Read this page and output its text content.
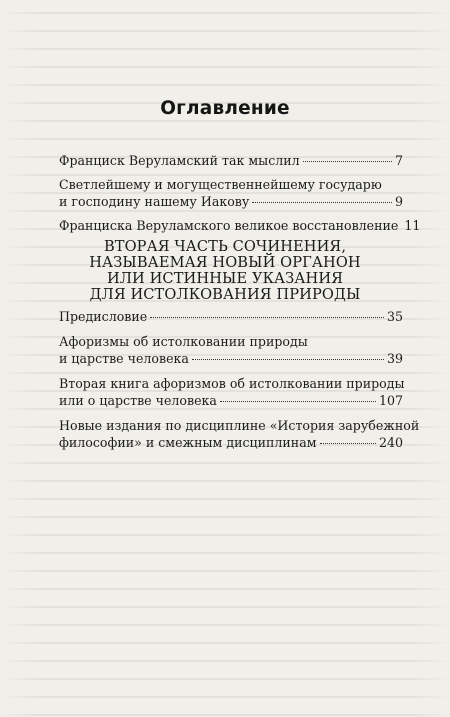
Оглавление
Франциск Веруламский так мыслил	7
Светлейшему и могущественнейшему государю
и господину нашему Иакову	9
Франциска Веруламского великое восстановление 11
ВТОРАЯ ЧАСТЬ СОЧИНЕНИЯ,
НАЗЫВАЕМАЯ НОВЫЙ ОРГАНОН
ИЛИ ИСТИННЫЕ УКАЗАНИЯ
ДЛЯ ИСТОЛКОВАНИЯ ПРИРОДЫ
Предисловие	35
Афоризмы об истолковании природы
и царстве человека	39
Вторая книга афоризмов об истолковании природы
или о царстве человека	107
Новые издания по дисциплине «История зарубежной
философии» и смежным дисциплинам	240
